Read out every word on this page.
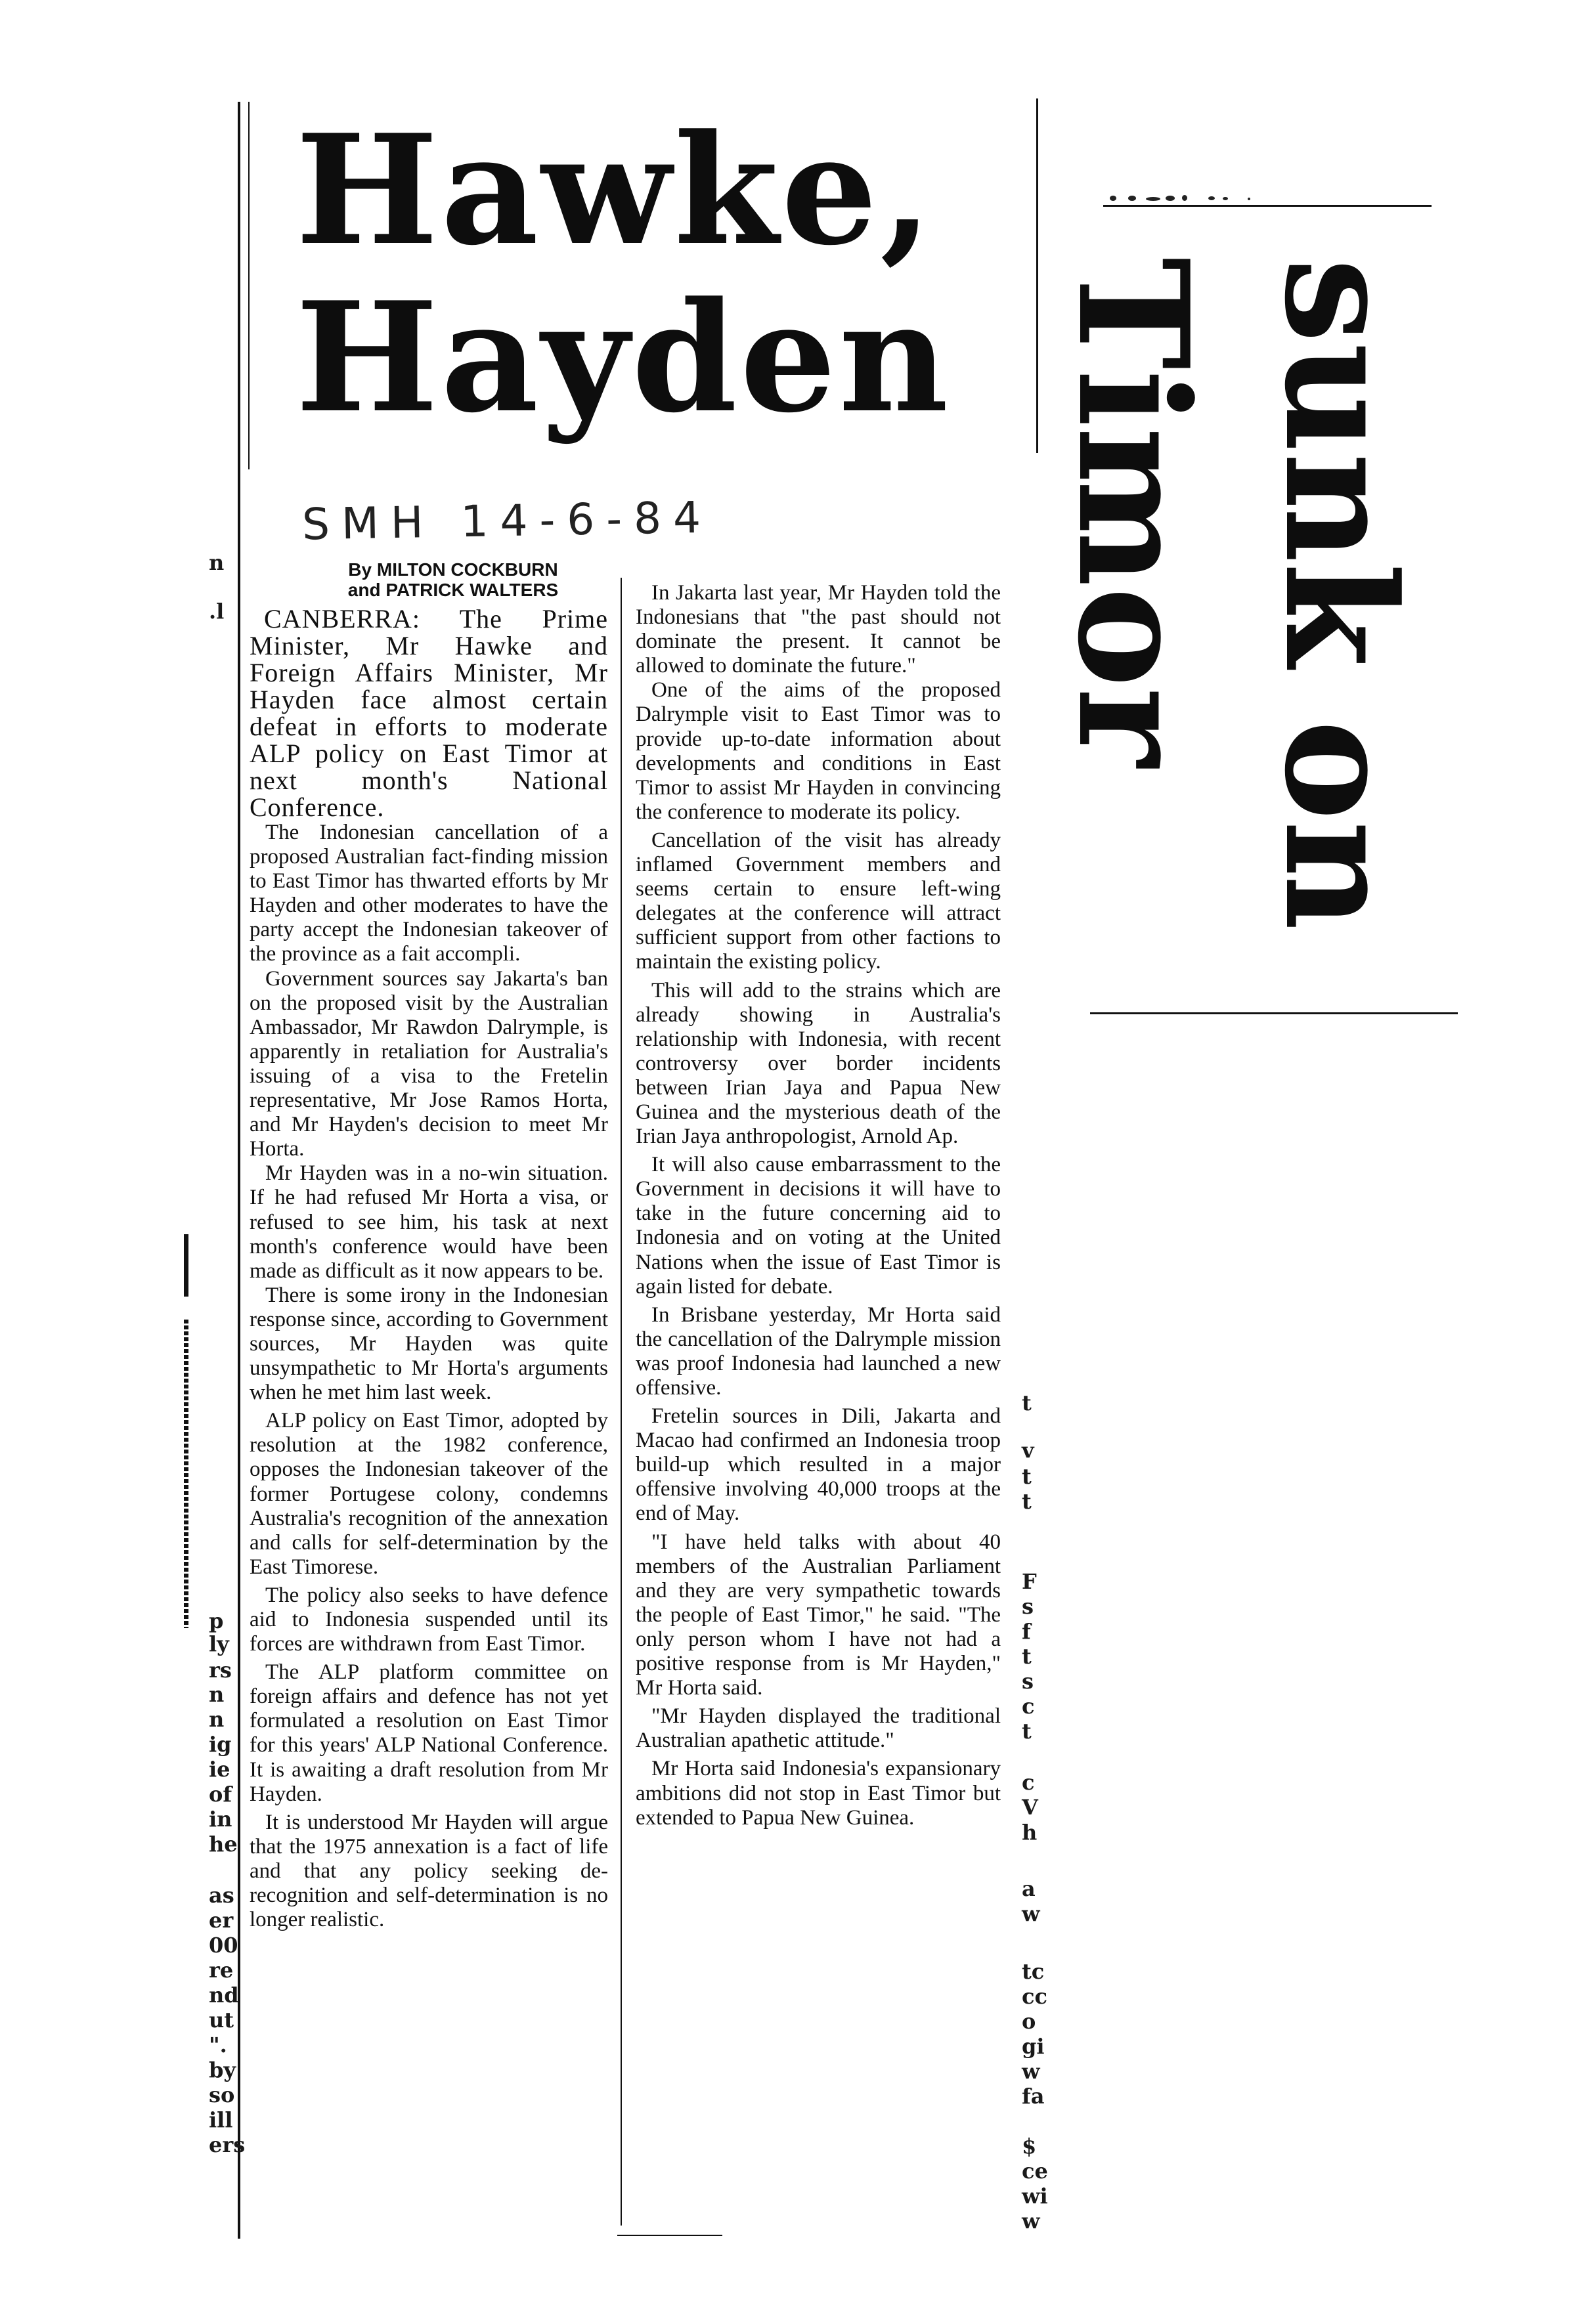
Hawke,
Hayden
SMH 14-6-84
By MILTON COCKBURN
and PATRICK WALTERS

CANBERRA: The Prime Minister, Mr Hawke and Foreign Affairs Minister, Mr Hayden face almost certain defeat in efforts to moderate ALP policy on East Timor at next month's National Conference.

The Indonesian cancellation of a proposed Australian fact-finding mission to East Timor has thwarted efforts by Mr Hayden and other moderates to have the party accept the Indonesian takeover of the province as a fait accompli.

Government sources say Jakarta's ban on the proposed visit by the Australian Ambassador, Mr Rawdon Dalrymple, is apparently in retaliation for Australia's issuing of a visa to the Fretelin representative, Mr Jose Ramos Horta, and Mr Hayden's decision to meet Mr Horta.

Mr Hayden was in a no-win situation. If he had refused Mr Horta a visa, or refused to see him, his task at next month's conference would have been made as difficult as it now appears to be.

There is some irony in the Indonesian response since, according to Government sources, Mr Hayden was quite unsympathetic to Mr Horta's arguments when he met him last week.

ALP policy on East Timor, adopted by resolution at the 1982 conference, opposes the Indonesian takeover of the former Portugese colony, condemns Australia's recognition of the annexation and calls for self-determination by the East Timorese.

The policy also seeks to have defence aid to Indonesia suspended until its forces are withdrawn from East Timor.

The ALP platform committee on foreign affairs and defence has not yet formulated a resolution on East Timor for this years' ALP National Conference. It is awaiting a draft resolution from Mr Hayden.

It is understood Mr Hayden will argue that the 1975 annexation is a fact of life and that any policy seeking de-recognition and self-determination is no longer realistic.

In Jakarta last year, Mr Hayden told the Indonesians that "the past should not dominate the present. It cannot be allowed to dominate the future."

One of the aims of the proposed Dalrymple visit to East Timor was to provide up-to-date information about developments and conditions in East Timor to assist Mr Hayden in convincing the conference to moderate its policy.

Cancellation of the visit has already inflamed Government members and seems certain to ensure left-wing delegates at the conference will attract sufficient support from other factions to maintain the existing policy.

This will add to the strains which are already showing in Australia's relationship with Indonesia, with recent controversy over border incidents between Irian Jaya and Papua New Guinea and the mysterious death of the Irian Jaya anthropologist, Arnold Ap.

It will also cause embarrassment to the Government in decisions it will have to take in the future concerning aid to Indonesia and on voting at the United Nations when the issue of East Timor is again listed for debate.

In Brisbane yesterday, Mr Horta said the cancellation of the Dalrymple mission was proof Indonesia had launched a new offensive.

Fretelin sources in Dili, Jakarta and Macao had confirmed an Indonesia troop build-up which resulted in a major offensive involving 40,000 troops at the end of May.

"I have held talks with about 40 members of the Australian Parliament and they are very sympathetic towards the people of East Timor," he said. "The only person whom I have not had a positive response from is Mr Hayden," Mr Horta said.

"Mr Hayden displayed the traditional Australian apathetic attitude."

Mr Horta said Indonesia's expansionary ambitions did not stop in East Timor but extended to Papua New Guinea.

sunk on
Timor
n
.l
p
ly
rs
n
n
ig
ie
of
in
he
as
er
00
re
nd
ut
".
by
so
ill
ers
t
v
t
t
F
s
f
t
s
c
t
c
V
h
a
w
tc
cc
o
gi
w
fa
$
ce
wi
w
